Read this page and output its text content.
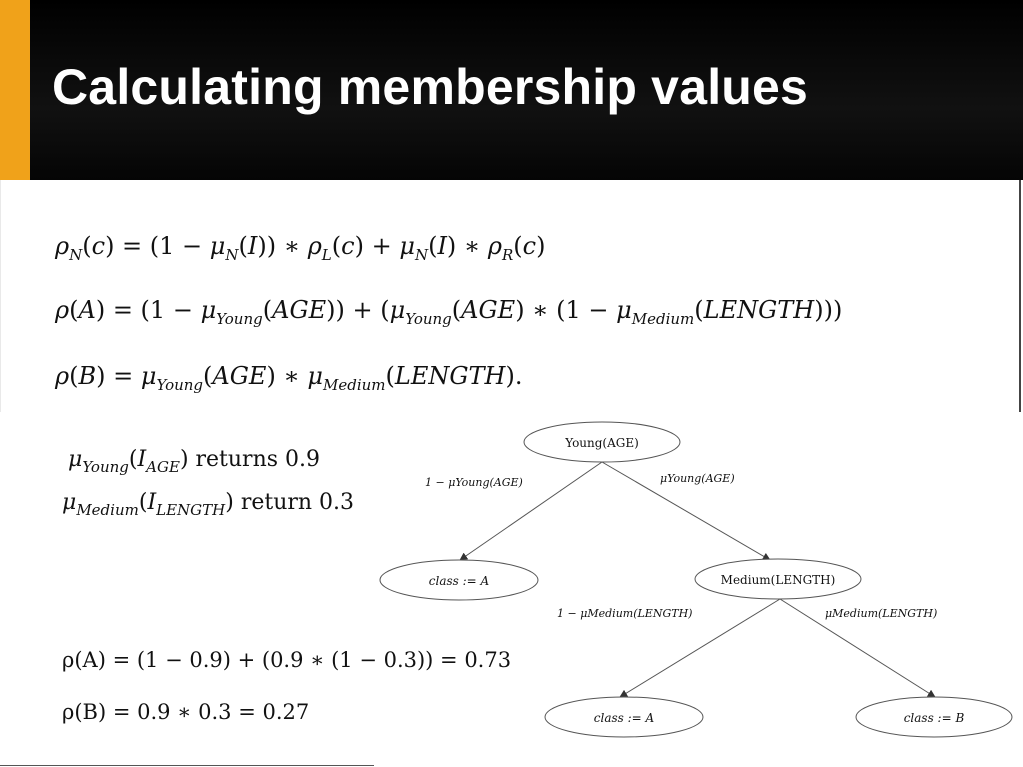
Calculating membership values
$\rho_N(c) = (1 - \mu_N(I))$ ∗ $\rho_L(c) + \mu_N(I)$ ∗ $\rho_R(c)$
$\rho(A) = (1 - \mu_{Young}(AGE)) + (\mu_{Young}(AGE)$ ∗ $(1 - \mu_{Medium}(LENGTH))$)
$\rho(B) = \mu_{Young}(AGE)$ ∗ $\mu_{Medium}(LENGTH)$.
$\mu_{Young}(I_{AGE})$ returns 0.9
$\mu_{Medium}(I_{LENGTH})$ return 0.3
ρ(A) = (1 − 0.9) + (0.9 ∗ (1 − 0.3)) = 0.73
ρ(B) = 0.9 ∗ 0.3 = 0.27
Young(AGE)
class := A	Medium(LENGTH)
class := A	class := B
1 − μYoung(AGE)	μYoung(AGE)
1 − μMedium(LENGTH)	μMedium(LENGTH)
